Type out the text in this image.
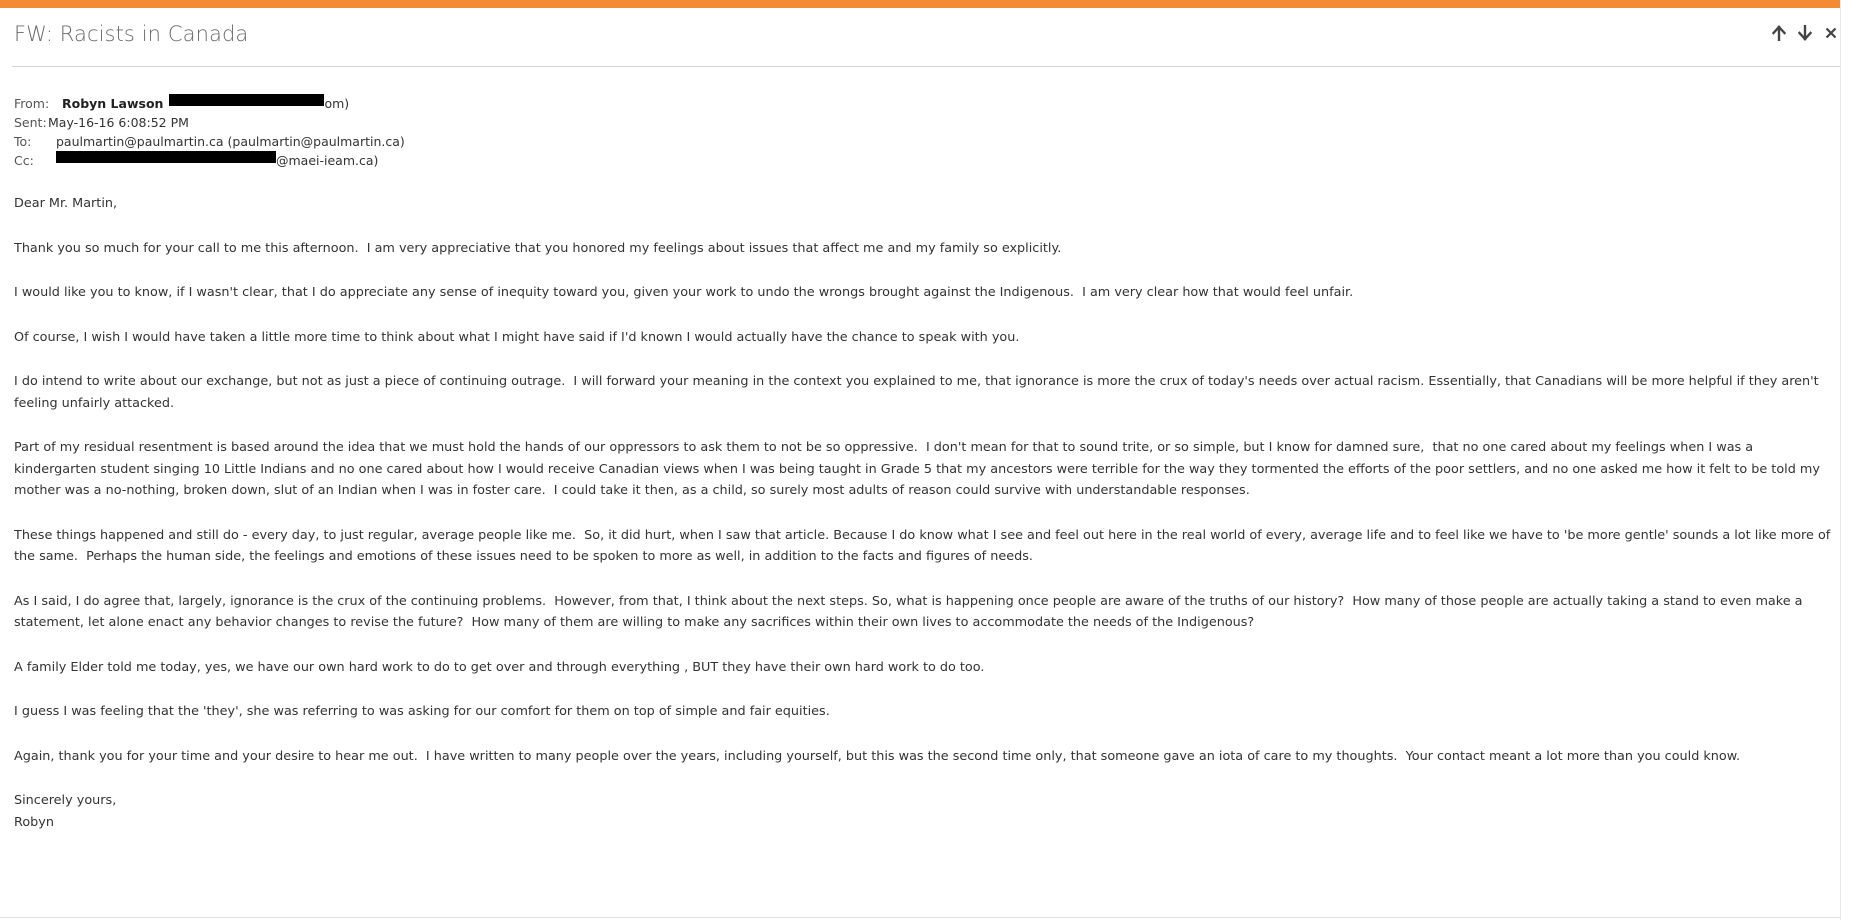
FW: Racists in Canada
From:	Robyn Lawson	om)
Sent: May-16-16 6:08:52 PM
To:	paulmartin@paulmartin.ca (paulmartin@paulmartin.ca)
Cc:	@maei-ieam.ca)

Dear Mr. Martin,

Thank you so much for your call to me this afternoon.  I am very appreciative that you honored my feelings about issues that affect me and my family so explicitly.

I would like you to know, if I wasn't clear, that I do appreciate any sense of inequity toward you, given your work to undo the wrongs brought against the Indigenous.  I am very clear how that would feel unfair.

Of course, I wish I would have taken a little more time to think about what I might have said if I'd known I would actually have the chance to speak with you.

I do intend to write about our exchange, but not as just a piece of continuing outrage.  I will forward your meaning in the context you explained to me, that ignorance is more the crux of today's needs over actual racism. Essentially, that Canadians will be more helpful if they aren't feeling unfairly attacked.

Part of my residual resentment is based around the idea that we must hold the hands of our oppressors to ask them to not be so oppressive.  I don't mean for that to sound trite, or so simple, but I know for damned sure,  that no one cared about my feelings when I was a kindergarten student singing 10 Little Indians and no one cared about how I would receive Canadian views when I was being taught in Grade 5 that my ancestors were terrible for the way they tormented the efforts of the poor settlers, and no one asked me how it felt to be told my mother was a no-nothing, broken down, slut of an Indian when I was in foster care.  I could take it then, as a child, so surely most adults of reason could survive with understandable responses.

These things happened and still do - every day, to just regular, average people like me.  So, it did hurt, when I saw that article. Because I do know what I see and feel out here in the real world of every, average life and to feel like we have to 'be more gentle' sounds a lot like more of the same.  Perhaps the human side, the feelings and emotions of these issues need to be spoken to more as well, in addition to the facts and figures of needs.

As I said, I do agree that, largely, ignorance is the crux of the continuing problems.  However, from that, I think about the next steps. So, what is happening once people are aware of the truths of our history?  How many of those people are actually taking a stand to even make a statement, let alone enact any behavior changes to revise the future?  How many of them are willing to make any sacrifices within their own lives to accommodate the needs of the Indigenous?

A family Elder told me today, yes, we have our own hard work to do to get over and through everything , BUT they have their own hard work to do too.

I guess I was feeling that the 'they', she was referring to was asking for our comfort for them on top of simple and fair equities.

Again, thank you for your time and your desire to hear me out.  I have written to many people over the years, including yourself, but this was the second time only, that someone gave an iota of care to my thoughts.  Your contact meant a lot more than you could know.

Sincerely yours,

Robyn
